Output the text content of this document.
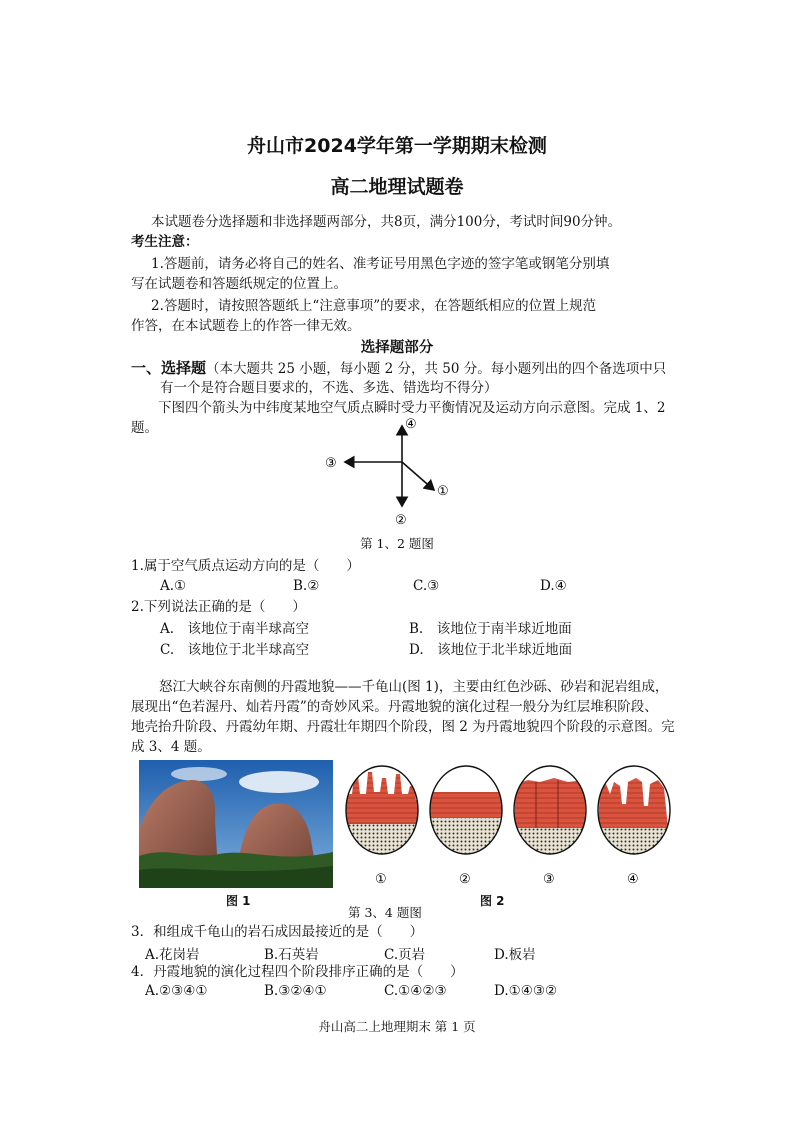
舟山市2024学年第一学期期末检测
高二地理试题卷
本试题卷分选择题和非选择题两部分，共8页，满分100分，考试时间90分钟。
考生注意：
1.答题前，请务必将自己的姓名、准考证号用黑色字迹的签字笔或钢笔分别填
写在试题卷和答题纸规定的位置上。
2.答题时，请按照答题纸上“注意事项”的要求，在答题纸相应的位置上规范
作答，在本试题卷上的作答一律无效。
选择题部分
一、选择题（本大题共 25 小题，每小题 2 分，共 50 分。每小题列出的四个备选项中只
有一个是符合题目要求的，不选、多选、错选均不得分）
下图四个箭头为中纬度某地空气质点瞬时受力平衡情况及运动方向示意图。完成 1、2
题。
①
②
③
④
第 1、2 题图
1.属于空气质点运动方向的是（　　）
A.①	B.②	C.③	D.④
2.下列说法正确的是（　　）
A.　该地位于南半球高空	B.　该地位于南半球近地面
C.　该地位于北半球高空	D.　该地位于北半球近地面
怒江大峡谷东南侧的丹霞地貌——千龟山(图 1)，主要由红色沙砾、砂岩和泥岩组成，
展现出“色若渥丹、灿若丹霞”的奇妙风采。丹霞地貌的演化过程一般分为红层堆积阶段、
地壳抬升阶段、丹霞幼年期、丹霞壮年期四个阶段，图 2 为丹霞地貌四个阶段的示意图。完
成 3、4 题。
图 1
①	②	③	④
图 2
第 3、4 题图
3．和组成千龟山的岩石成因最接近的是（　　）
A.花岗岩	B.石英岩	C.页岩	D.板岩
4．丹霞地貌的演化过程四个阶段排序正确的是（　　）
A.②③④①	B.③②④①	C.①④②③	D.①④③②
舟山高二上地理期末 第 1 页
